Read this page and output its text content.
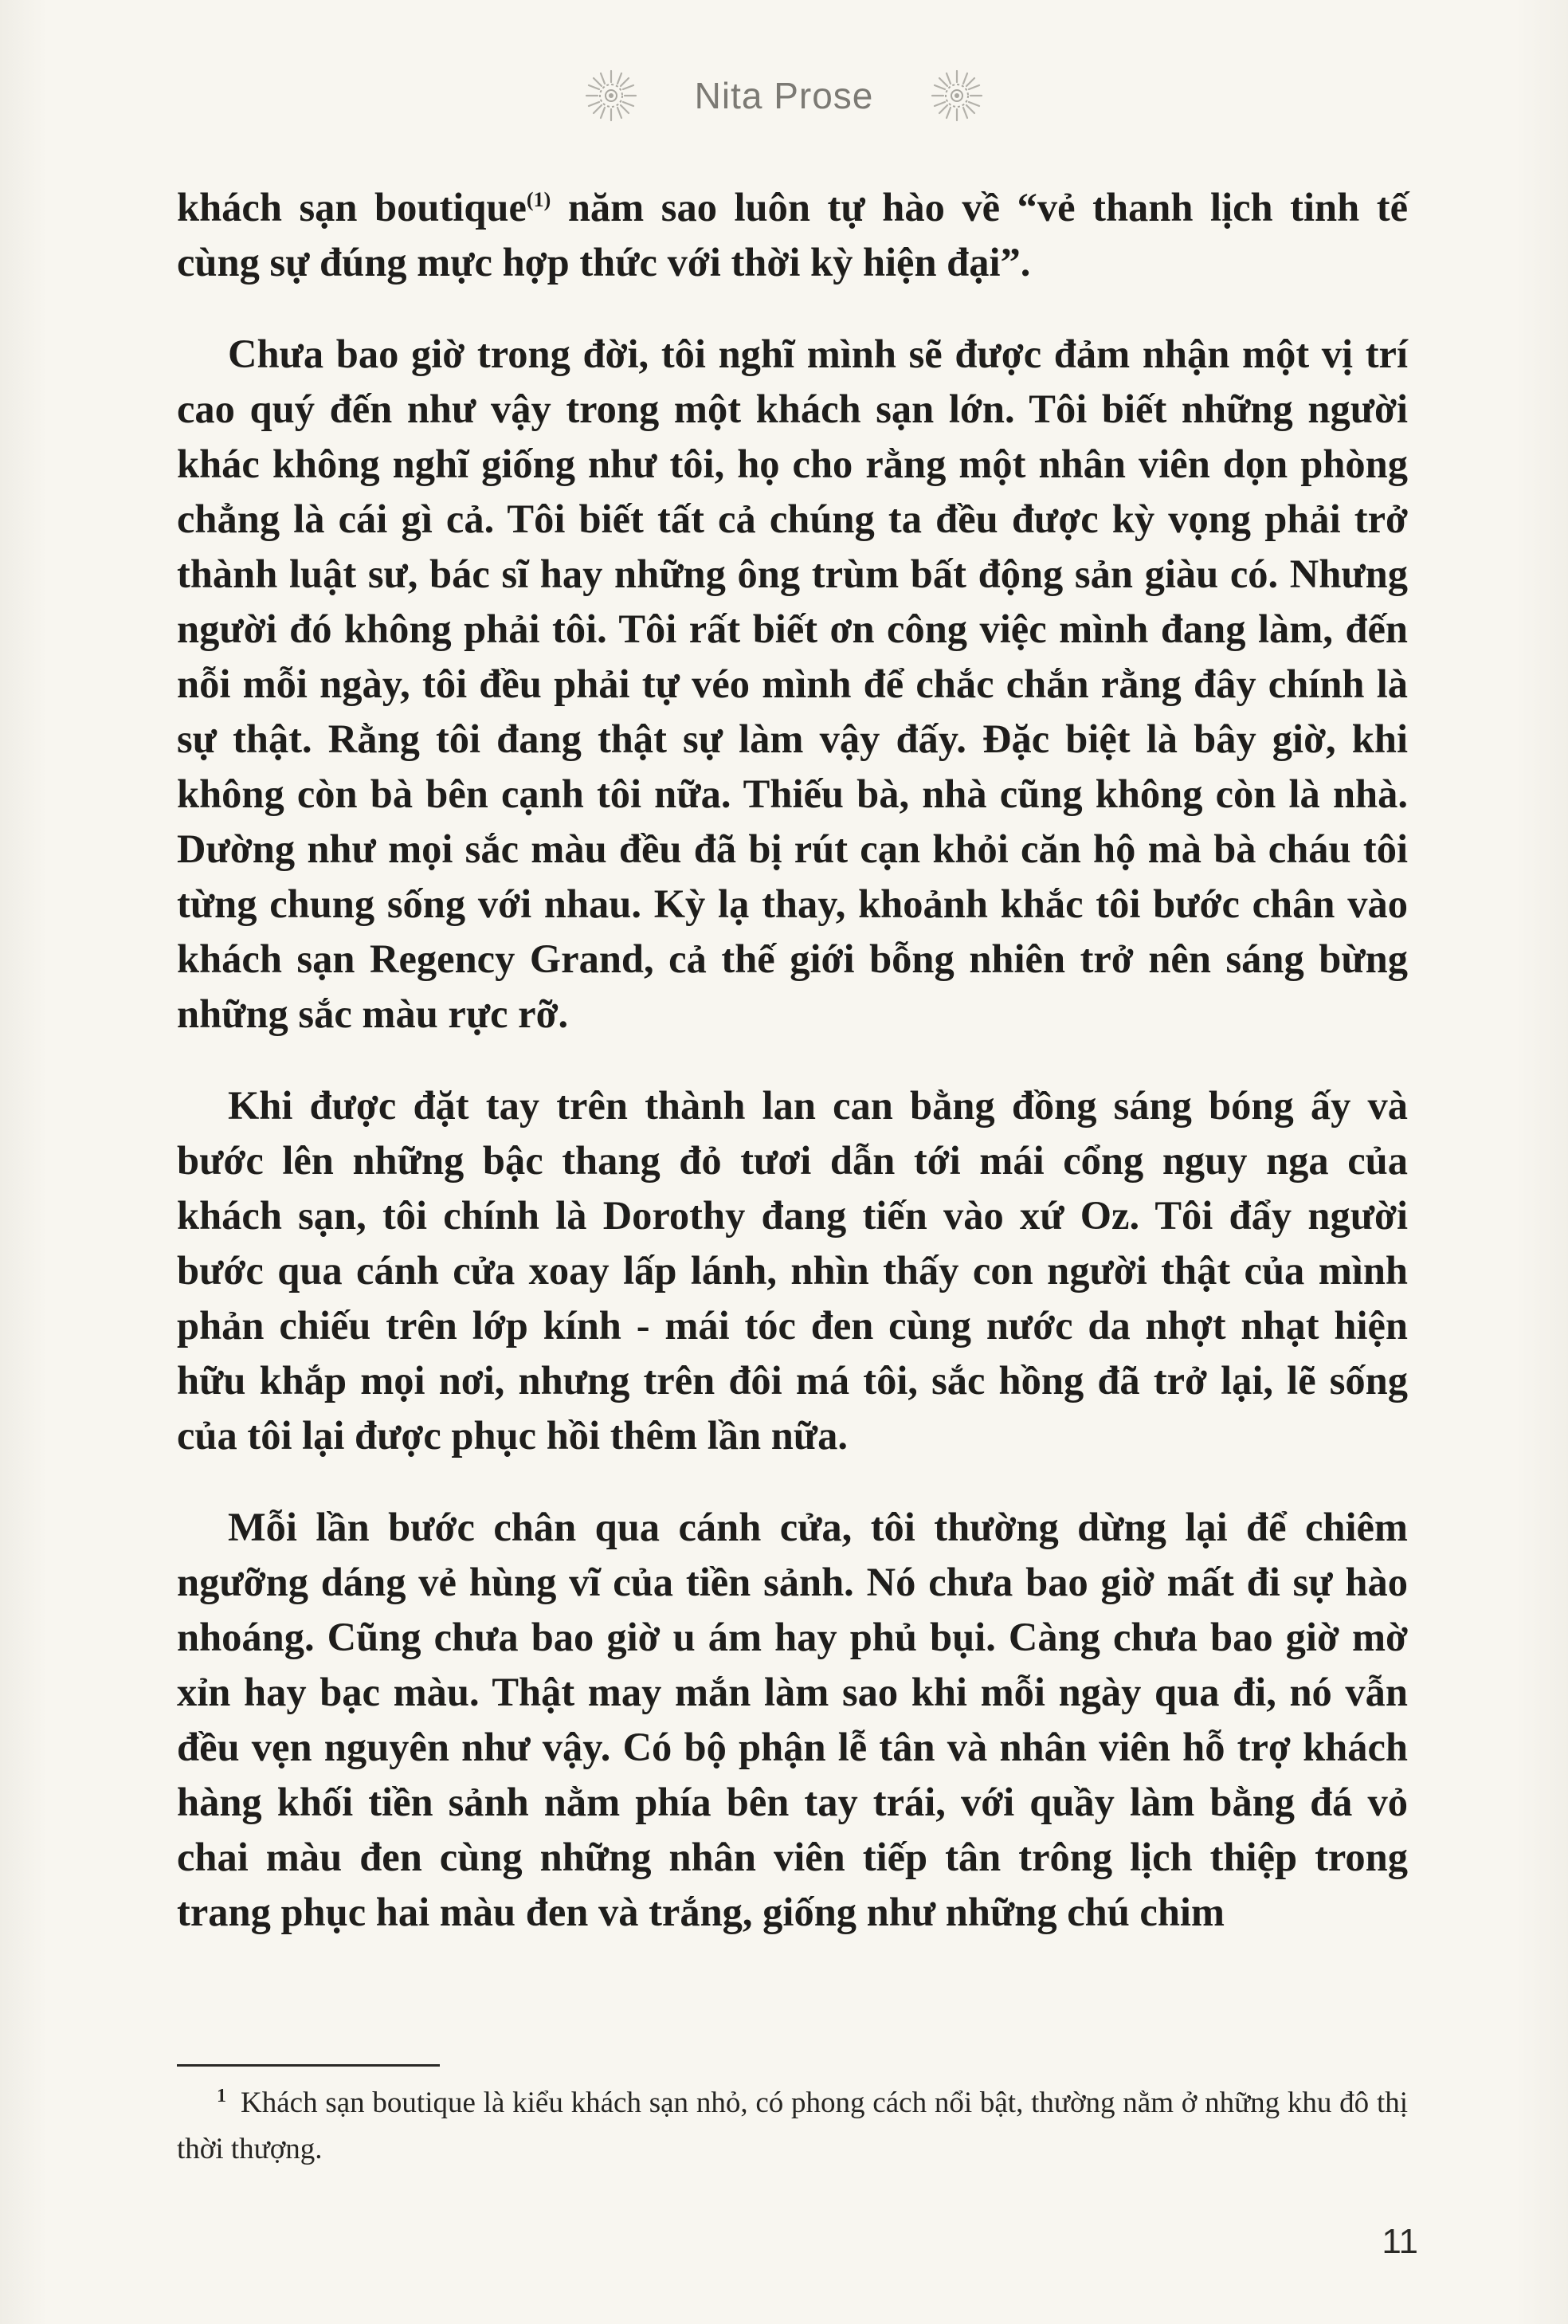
Nita Prose

khách sạn boutique$^{(1)}$ năm sao luôn tự hào về “vẻ thanh lịch tinh tế cùng sự đúng mực hợp thức với thời kỳ hiện đại”.

Chưa bao giờ trong đời, tôi nghĩ mình sẽ được đảm nhận một vị trí cao quý đến như vậy trong một khách sạn lớn. Tôi biết những người khác không nghĩ giống như tôi, họ cho rằng một nhân viên dọn phòng chẳng là cái gì cả. Tôi biết tất cả chúng ta đều được kỳ vọng phải trở thành luật sư, bác sĩ hay những ông trùm bất động sản giàu có. Nhưng người đó không phải tôi. Tôi rất biết ơn công việc mình đang làm, đến nỗi mỗi ngày, tôi đều phải tự véo mình để chắc chắn rằng đây chính là sự thật. Rằng tôi đang thật sự làm vậy đấy. Đặc biệt là bây giờ, khi không còn bà bên cạnh tôi nữa. Thiếu bà, nhà cũng không còn là nhà. Dường như mọi sắc màu đều đã bị rút cạn khỏi căn hộ mà bà cháu tôi từng chung sống với nhau. Kỳ lạ thay, khoảnh khắc tôi bước chân vào khách sạn Regency Grand, cả thế giới bỗng nhiên trở nên sáng bừng những sắc màu rực rỡ.

Khi được đặt tay trên thành lan can bằng đồng sáng bóng ấy và bước lên những bậc thang đỏ tươi dẫn tới mái cổng nguy nga của khách sạn, tôi chính là Dorothy đang tiến vào xứ Oz. Tôi đẩy người bước qua cánh cửa xoay lấp lánh, nhìn thấy con người thật của mình phản chiếu trên lớp kính - mái tóc đen cùng nước da nhợt nhạt hiện hữu khắp mọi nơi, nhưng trên đôi má tôi, sắc hồng đã trở lại, lẽ sống của tôi lại được phục hồi thêm lần nữa.

Mỗi lần bước chân qua cánh cửa, tôi thường dừng lại để chiêm ngưỡng dáng vẻ hùng vĩ của tiền sảnh. Nó chưa bao giờ mất đi sự hào nhoáng. Cũng chưa bao giờ u ám hay phủ bụi. Càng chưa bao giờ mờ xỉn hay bạc màu. Thật may mắn làm sao khi mỗi ngày qua đi, nó vẫn đều vẹn nguyên như vậy. Có bộ phận lễ tân và nhân viên hỗ trợ khách hàng khối tiền sảnh nằm phía bên tay trái, với quầy làm bằng đá vỏ chai màu đen cùng những nhân viên tiếp tân trông lịch thiệp trong trang phục hai màu đen và trắng, giống như những chú chim

$^1$ Khách sạn boutique là kiểu khách sạn nhỏ, có phong cách nổi bật, thường nằm ở những khu đô thị thời thượng.
11
